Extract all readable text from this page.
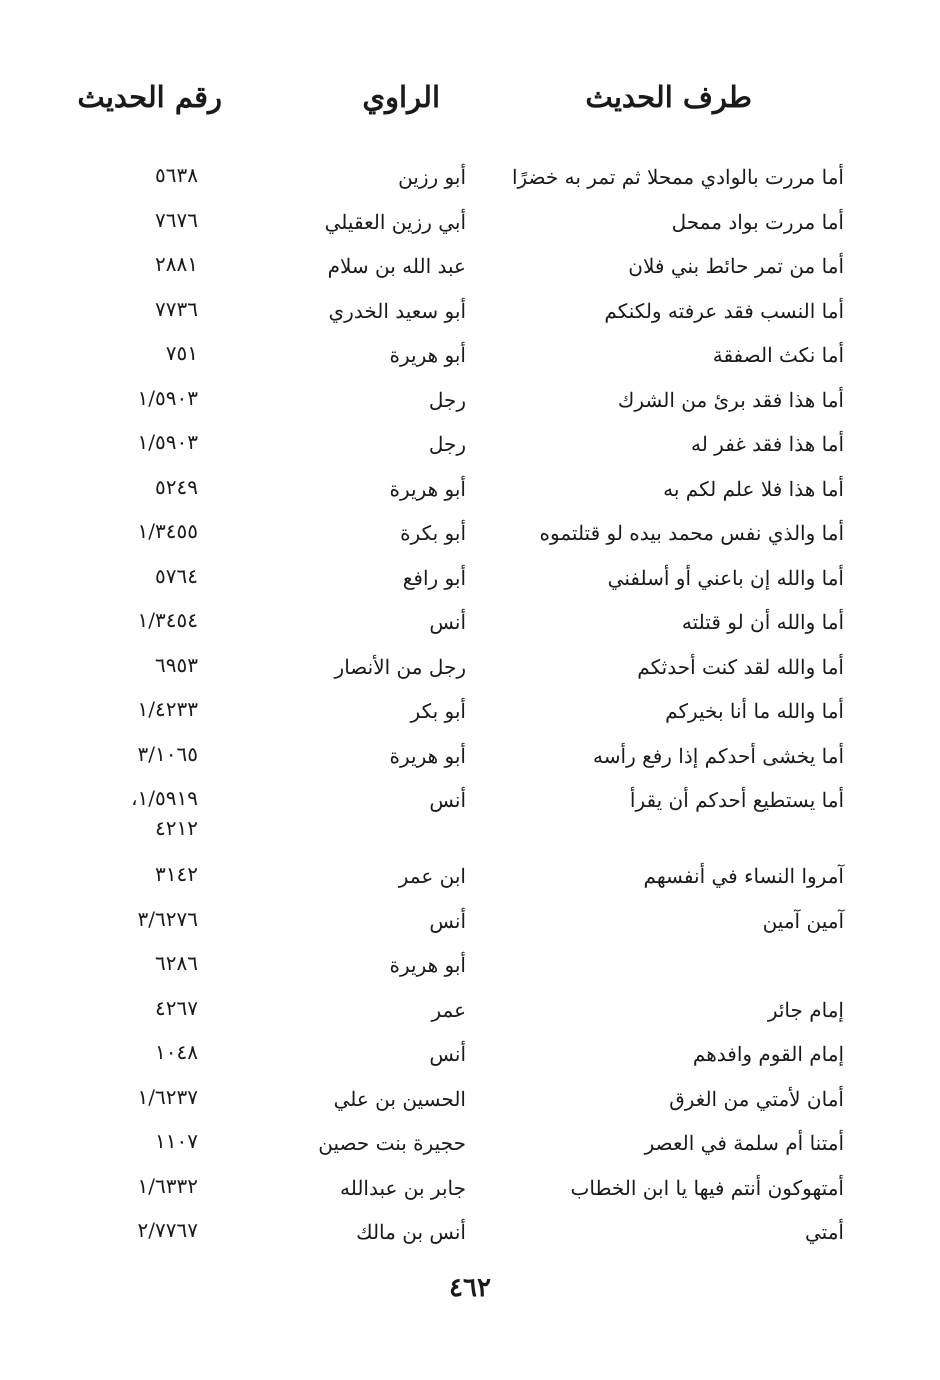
طرف الحديث
الراوي
رقم الحديث
أما مررت بالوادي ممحلا ثم تمر به خضرًا
أبو رزين
٥٦٣٨
أما مررت بواد ممحل
أبي رزين العقيلي
٧٦٧٦
أما من تمر حائط بني فلان
عبد الله بن سلام
٢٨٨١
أما النسب فقد عرفته ولكنكم
أبو سعيد الخدري
٧٧٣٦
أما نكث الصفقة
أبو هريرة
٧٥١
أما هذا فقد برئ من الشرك
رجل
١/٥٩٠٣
أما هذا فقد غفر له
رجل
١/٥٩٠٣
أما هذا فلا علم لكم به
أبو هريرة
٥٢٤٩
أما والذي نفس محمد بيده لو قتلتموه
أبو بكرة
١/٣٤٥٥
أما والله إن باعني أو أسلفني
أبو رافع
٥٧٦٤
أما والله أن لو قتلته
أنس
١/٣٤٥٤
أما والله لقد كنت أحدثكم
رجل من الأنصار
٦٩٥٣
أما والله ما أنا بخيركم
أبو بكر
١/٤٢٣٣
أما يخشى أحدكم إذا رفع رأسه
أبو هريرة
٣/١٠٦٥
أما يستطيع أحدكم أن يقرأ
أنس
١/٥٩١٩،
٤٢١٢
آمروا النساء في أنفسهم
ابن عمر
٣١٤٢
آمين آمين
أنس
٣/٦٢٧٦
أبو هريرة
٦٢٨٦
إمام جائر
عمر
٤٢٦٧
إمام القوم وافدهم
أنس
١٠٤٨
أمان لأمتي من الغرق
الحسين بن علي
١/٦٢٣٧
أمتنا أم سلمة في العصر
حجيرة بنت حصين
١١٠٧
أمتهوكون أنتم فيها يا ابن الخطاب
جابر بن عبدالله
١/٦٣٣٢
أمتي
أنس بن مالك
٢/٧٧٦٧
٤٦٢
